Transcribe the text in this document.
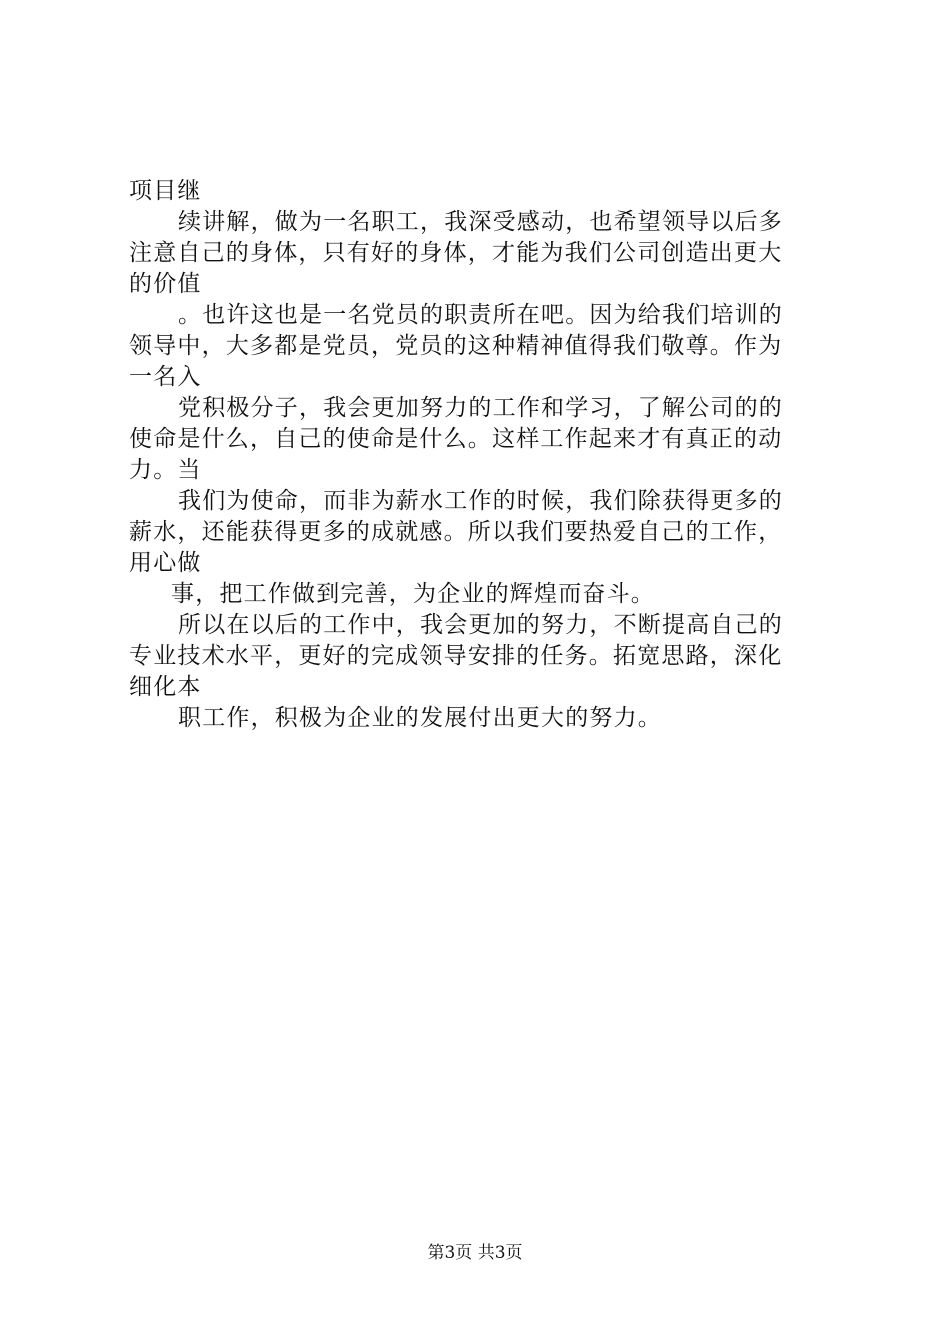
项目继
续讲解，做为一名职工，我深受感动，也希望领导以后多
注意自己的身体，只有好的身体，才能为我们公司创造出更大
的价值
。也许这也是一名党员的职责所在吧。因为给我们培训的
领导中，大多都是党员，党员的这种精神值得我们敬尊。作为
一名入
党积极分子，我会更加努力的工作和学习，了解公司的的
使命是什么，自己的使命是什么。这样工作起来才有真正的动
力。当
我们为使命，而非为薪水工作的时候，我们除获得更多的
薪水，还能获得更多的成就感。所以我们要热爱自己的工作，
用心做
事，把工作做到完善，为企业的辉煌而奋斗。
所以在以后的工作中，我会更加的努力，不断提高自己的
专业技术水平，更好的完成领导安排的任务。拓宽思路，深化
细化本
职工作，积极为企业的发展付出更大的努力。
第3页 共3页
